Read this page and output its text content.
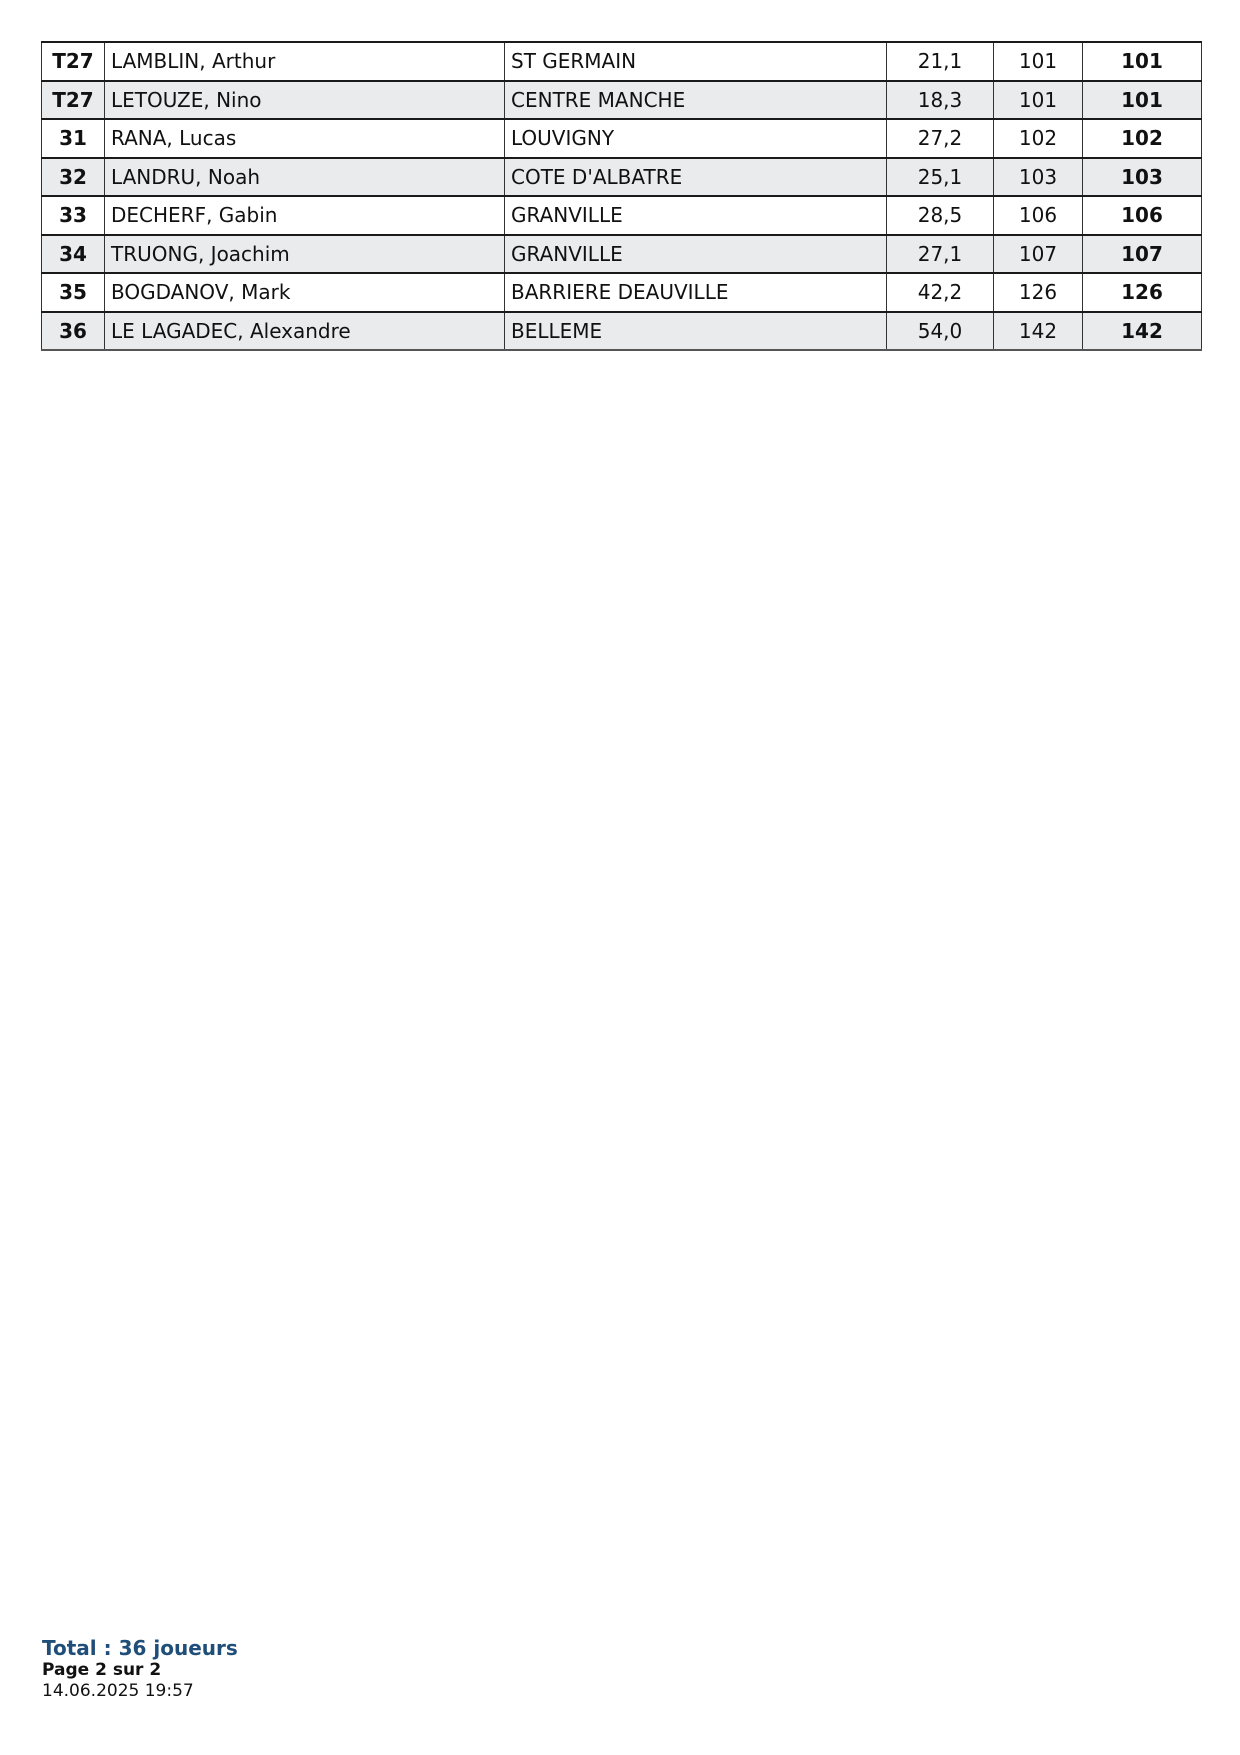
T27	LAMBLIN, Arthur	ST GERMAIN	21,1	101	101
T27	LETOUZE, Nino	CENTRE MANCHE	18,3	101	101
31	RANA, Lucas	LOUVIGNY	27,2	102	102
32	LANDRU, Noah	COTE D'ALBATRE	25,1	103	103
33	DECHERF, Gabin	GRANVILLE	28,5	106	106
34	TRUONG, Joachim	GRANVILLE	27,1	107	107
35	BOGDANOV, Mark	BARRIERE DEAUVILLE	42,2	126	126
36	LE LAGADEC, Alexandre	BELLEME	54,0	142	142
Total : 36 joueurs
Page 2 sur 2
14.06.2025 19:57
